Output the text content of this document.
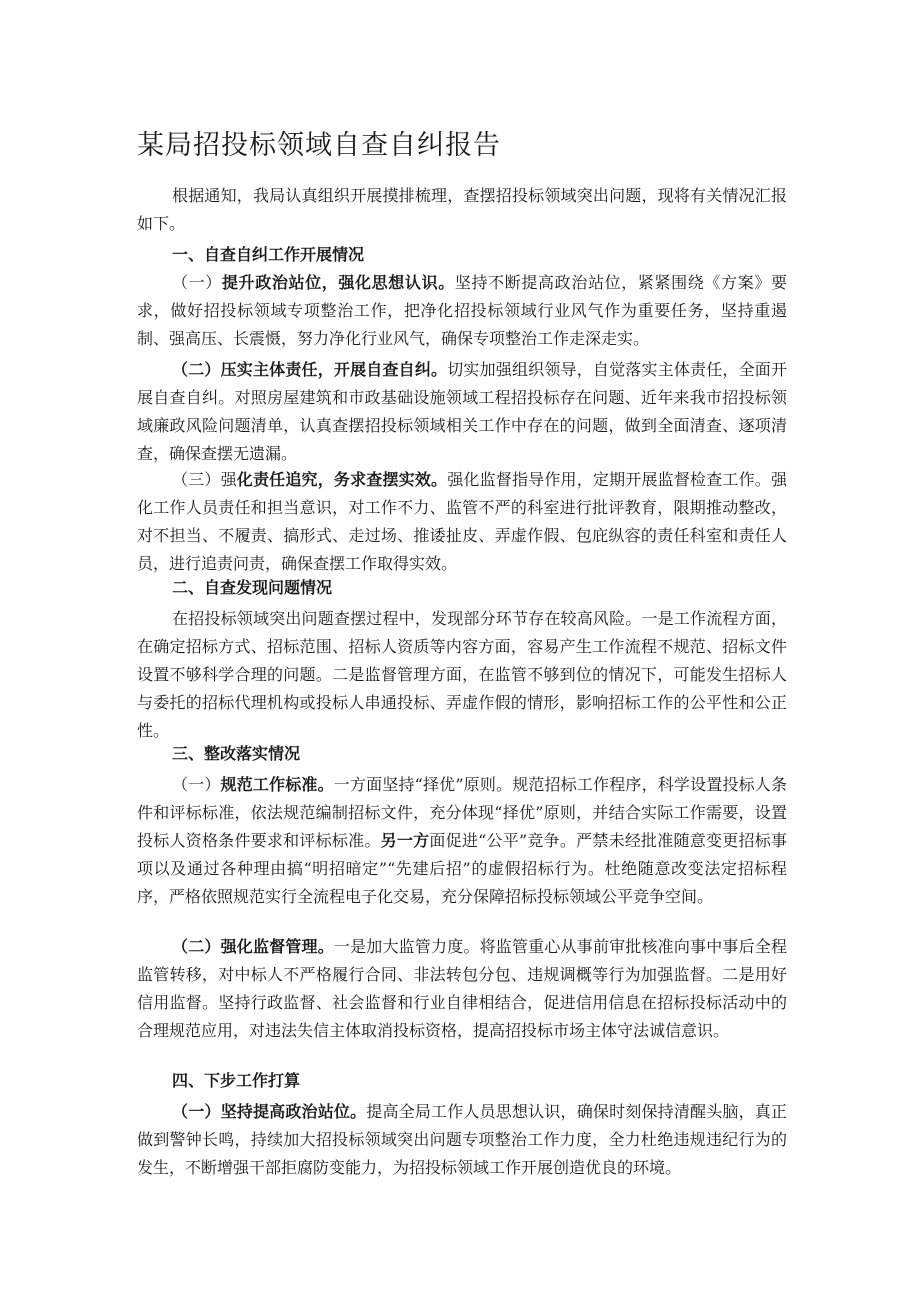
某局招投标领域自查自纠报告

根据通知，我局认真组织开展摸排梳理，查摆招投标领域突出问题，现将有关情况汇报如下。

一、自查自纠工作开展情况

（一）提升政治站位，强化思想认识。坚持不断提高政治站位，紧紧围绕《方案》要求，做好招投标领域专项整治工作，把净化招投标领域行业风气作为重要任务，坚持重遏制、强高压、长震慑，努力净化行业风气，确保专项整治工作走深走实。

（二）压实主体责任，开展自查自纠。切实加强组织领导，自觉落实主体责任，全面开展自查自纠。对照房屋建筑和市政基础设施领域工程招投标存在问题、近年来我市招投标领域廉政风险问题清单，认真查摆招投标领域相关工作中存在的问题，做到全面清查、逐项清查，确保查摆无遗漏。

（三）强化责任追究，务求查摆实效。强化监督指导作用，定期开展监督检查工作。强化工作人员责任和担当意识，对工作不力、监管不严的科室进行批评教育，限期推动整改，对不担当、不履责、搞形式、走过场、推诿扯皮、弄虚作假、包庇纵容的责任科室和责任人员，进行追责问责，确保查摆工作取得实效。

二、自查发现问题情况

在招投标领域突出问题查摆过程中，发现部分环节存在较高风险。一是工作流程方面，在确定招标方式、招标范围、招标人资质等内容方面，容易产生工作流程不规范、招标文件设置不够科学合理的问题。二是监督管理方面，在监管不够到位的情况下，可能发生招标人与委托的招标代理机构或投标人串通投标、弄虚作假的情形，影响招标工作的公平性和公正性。

三、整改落实情况

（一）规范工作标准。一方面坚持“择优”原则。规范招标工作程序，科学设置投标人条件和评标标准，依法规范编制招标文件，充分体现“择优”原则，并结合实际工作需要，设置投标人资格条件要求和评标标准。另一方面促进“公平”竞争。严禁未经批准随意变更招标事项以及通过各种理由搞“明招暗定”“先建后招”的虚假招标行为。杜绝随意改变法定招标程序，严格依照规范实行全流程电子化交易，充分保障招标投标领域公平竞争空间。

（二）强化监督管理。一是加大监管力度。将监管重心从事前审批核准向事中事后全程监管转移，对中标人不严格履行合同、非法转包分包、违规调概等行为加强监督。二是用好信用监督。坚持行政监督、社会监督和行业自律相结合，促进信用信息在招标投标活动中的合理规范应用，对违法失信主体取消投标资格，提高招投标市场主体守法诚信意识。

四、下步工作打算

（一）坚持提高政治站位。提高全局工作人员思想认识，确保时刻保持清醒头脑，真正做到警钟长鸣，持续加大招投标领域突出问题专项整治工作力度，全力杜绝违规违纪行为的发生，不断增强干部拒腐防变能力，为招投标领域工作开展创造优良的环境。
